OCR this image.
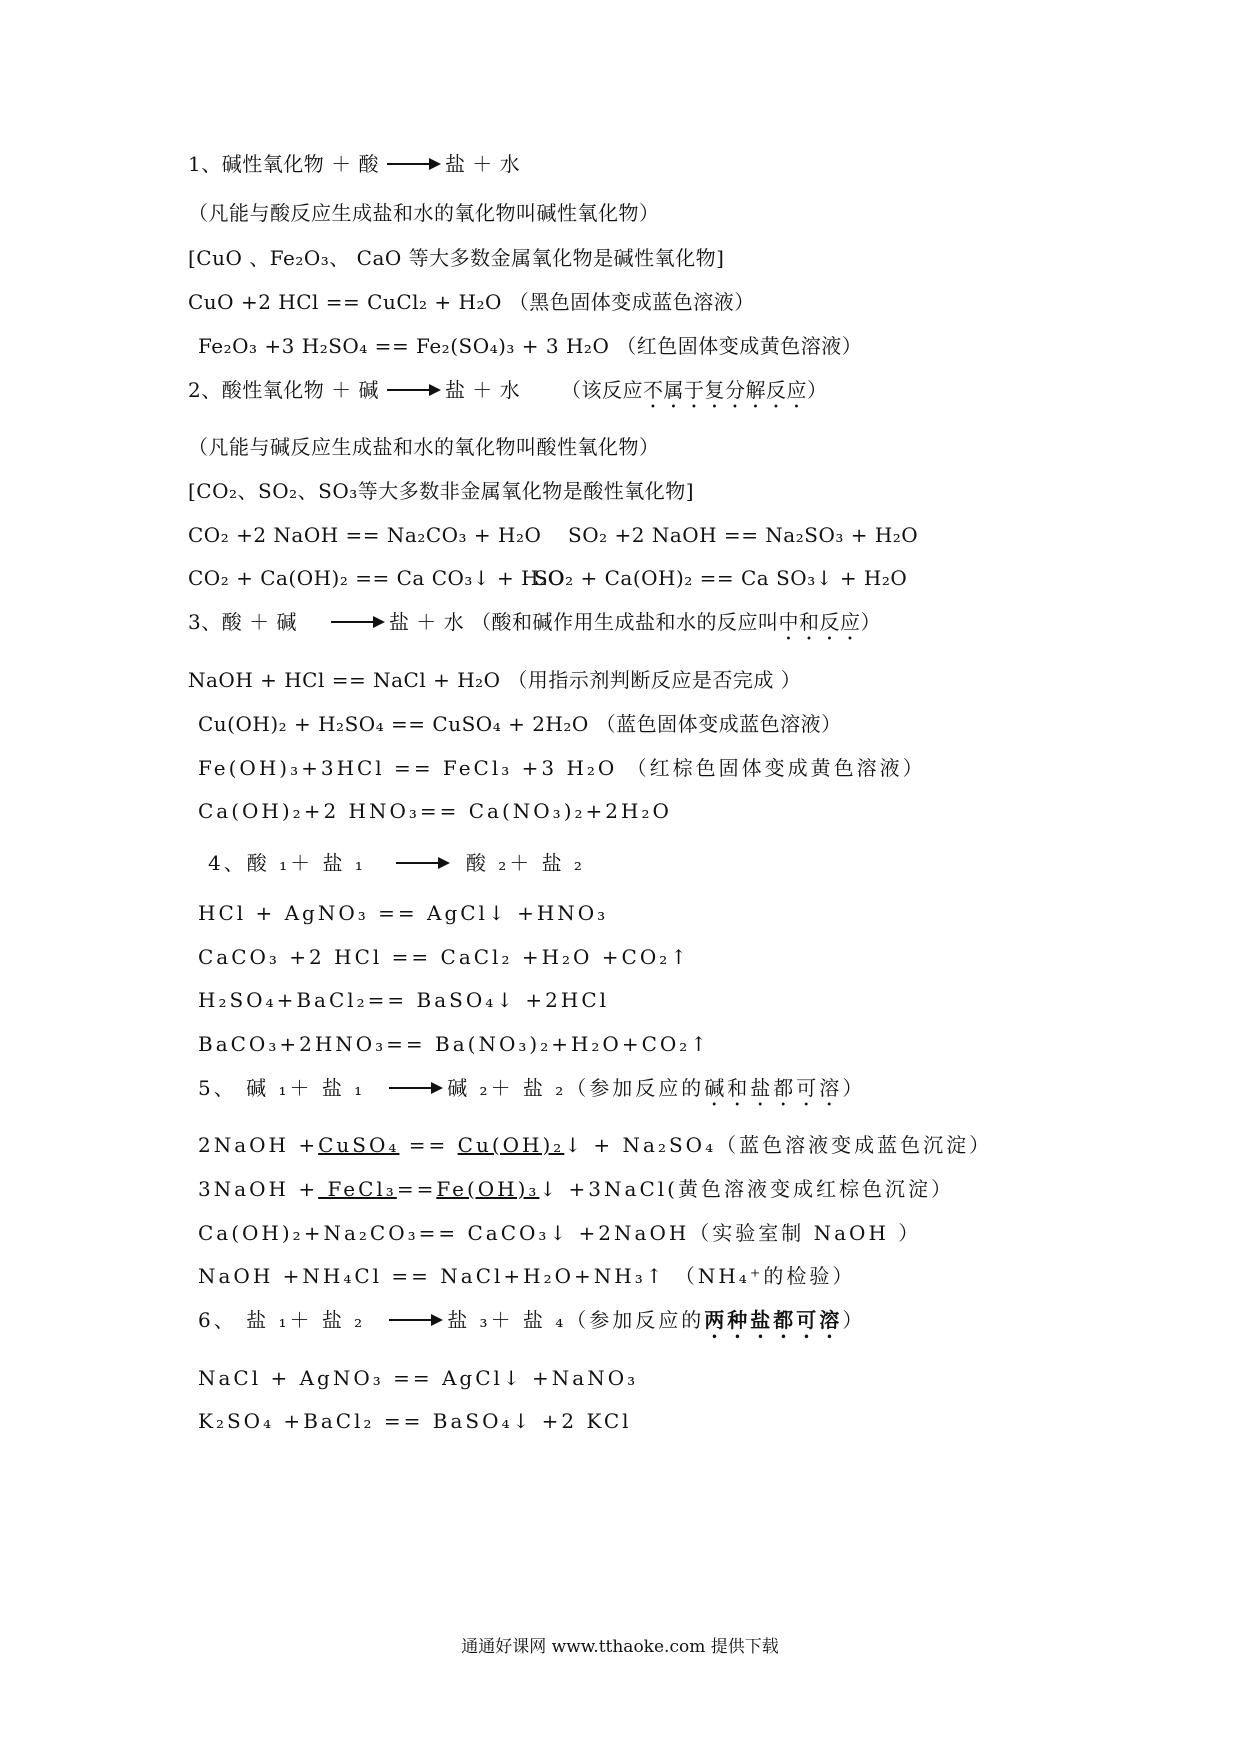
1、碱性氧化物 ＋ 酸	盐 ＋ 水
（凡能与酸反应生成盐和水的氧化物叫碱性氧化物）
[CuO 、Fe₂O₃、 CaO 等大多数金属氧化物是碱性氧化物]
CuO +2 HCl == CuCl₂ + H₂O （黑色固体变成蓝色溶液）
Fe₂O₃ +3 H₂SO₄ == Fe₂(SO₄)₃ + 3 H₂O （红色固体变成黄色溶液）
2、酸性氧化物 ＋ 碱	盐 ＋ 水 （该反应不属于复分解反应）
（凡能与碱反应生成盐和水的氧化物叫酸性氧化物）
[CO₂、SO₂、SO₃等大多数非金属氧化物是酸性氧化物]
CO₂ +2 NaOH == Na₂CO₃ + H₂O SO₂ +2 NaOH == Na₂SO₃ + H₂O
CO₂ + Ca(OH)₂ == Ca CO₃↓ + H₂O
SO₂ + Ca(OH)₂ == Ca SO₃↓ + H₂O
3、酸 ＋ 碱	盐 ＋ 水 （酸和碱作用生成盐和水的反应叫中和反应）
NaOH + HCl == NaCl + H₂O （用指示剂判断反应是否完成 ）
Cu(OH)₂ + H₂SO₄ == CuSO₄ + 2H₂O （蓝色固体变成蓝色溶液）
Fe(OH)₃+3HCl == FeCl₃ +3 H₂O （红棕色固体变成黄色溶液）
Ca(OH)₂+2 HNO₃== Ca(NO₃)₂+2H₂O
4、酸 ₁＋ 盐 ₁	酸 ₂＋ 盐 ₂
HCl + AgNO₃ == AgCl↓ +HNO₃
CaCO₃ +2 HCl == CaCl₂ +H₂O +CO₂↑
H₂SO₄+BaCl₂== BaSO₄↓ +2HCl
BaCO₃+2HNO₃== Ba(NO₃)₂+H₂O+CO₂↑
5、 碱 ₁＋ 盐 ₁	碱 ₂＋ 盐 ₂（参加反应的碱和盐都可溶）
2NaOH +CuSO₄ == Cu(OH)₂↓ + Na₂SO₄（蓝色溶液变成蓝色沉淀）
3NaOH + FeCl₃==Fe(OH)₃↓ +3NaCl(黄色溶液变成红棕色沉淀）
Ca(OH)₂+Na₂CO₃== CaCO₃↓ +2NaOH（实验室制 NaOH ）
NaOH +NH₄Cl == NaCl+H₂O+NH₃↑ （NH₄⁺的检验）
6、 盐 ₁＋ 盐 ₂	盐 ₃＋ 盐 ₄（参加反应的两种盐都可溶）
NaCl + AgNO₃ == AgCl↓ +NaNO₃
K₂SO₄ +BaCl₂ == BaSO₄↓ +2 KCl
通通好课网 www.tthaoke.com 提供下载
